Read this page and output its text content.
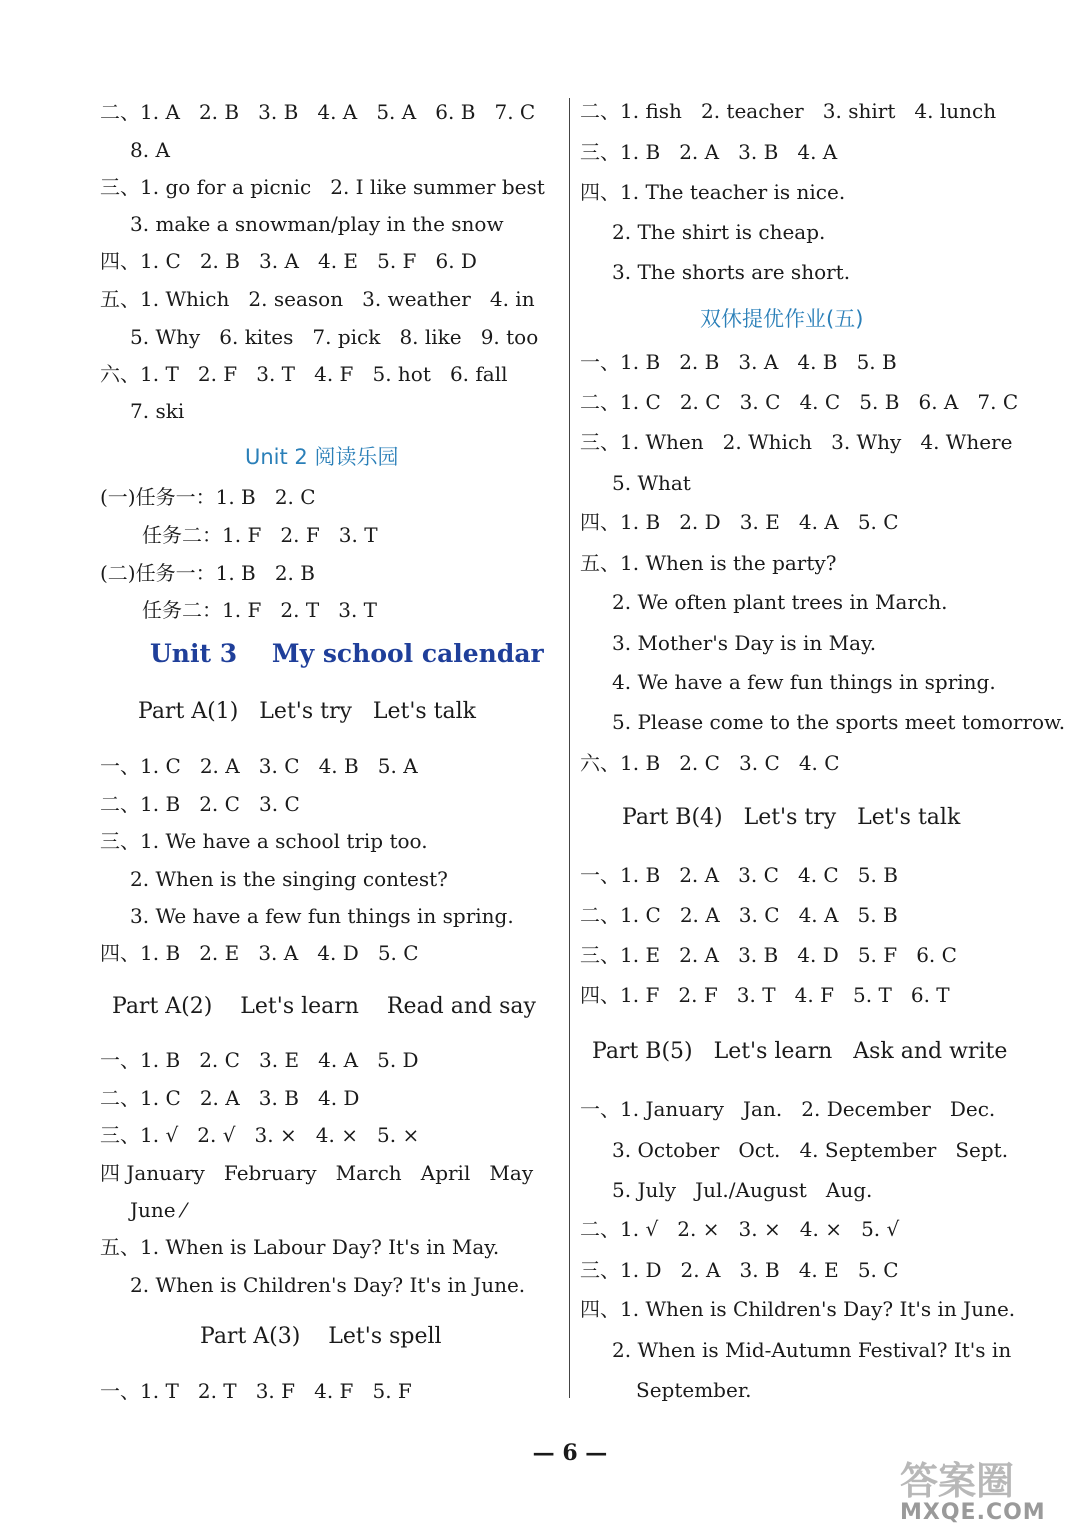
二、1. A   2. B   3. B   4. A   5. A   6. B   7. C
8. A
三、1. go for a picnic   2. I like summer best
3. make a snowman/play in the snow
四、1. C   2. B   3. A   4. E   5. F   6. D
五、1. Which   2. season   3. weather   4. in
5. Why   6. kites   7. pick   8. like   9. too
六、1. T   2. F   3. T   4. F   5. hot   6. fall
7. ski
Unit 2 阅读乐园
(一)任务一：1. B   2. C
任务二：1. F   2. F   3. T
(二)任务一：1. B   2. B
任务二：1. F   2. T   3. T
Unit 3    My school calendar
Part A(1)   Let's try   Let's talk
一、1. C   2. A   3. C   4. B   5. A
二、1. B   2. C   3. C
三、1. We have a school trip too.
2. When is the singing contest?
3. We have a few fun things in spring.
四、1. B   2. E   3. A   4. D   5. C
Part A(2)    Let's learn    Read and say
一、1. B   2. C   3. E   4. A   5. D
二、1. C   2. A   3. B   4. D
三、1. √   2. √   3. ×   4. ×   5. ×
四 January   February   March   April   May
June ⁄
五、1. When is Labour Day? It's in May.
2. When is Children's Day? It's in June.
Part A(3)    Let's spell
一、1. T   2. T   3. F   4. F   5. F
二、1. fish   2. teacher   3. shirt   4. lunch
三、1. B   2. A   3. B   4. A
四、1. The teacher is nice.
2. The shirt is cheap.
3. The shorts are short.
双休提优作业(五)
一、1. B   2. B   3. A   4. B   5. B
二、1. C   2. C   3. C   4. C   5. B   6. A   7. C
三、1. When   2. Which   3. Why   4. Where
5. What
四、1. B   2. D   3. E   4. A   5. C
五、1. When is the party?
2. We often plant trees in March.
3. Mother's Day is in May.
4. We have a few fun things in spring.
5. Please come to the sports meet tomorrow.
六、1. B   2. C   3. C   4. C
Part B(4)   Let's try   Let's talk
一、1. B   2. A   3. C   4. C   5. B
二、1. C   2. A   3. C   4. A   5. B
三、1. E   2. A   3. B   4. D   5. F   6. C
四、1. F   2. F   3. T   4. F   5. T   6. T
Part B(5)   Let's learn   Ask and write
一、1. January   Jan.   2. December   Dec.
3. October   Oct.   4. September   Sept.
5. July   Jul./August   Aug.
二、1. √   2. ×   3. ×   4. ×   5. √
三、1. D   2. A   3. B   4. E   5. C
四、1. When is Children's Day? It's in June.
2. When is Mid-Autumn Festival? It's in
September.
— 6 —
答案圈
MXQE.COM
